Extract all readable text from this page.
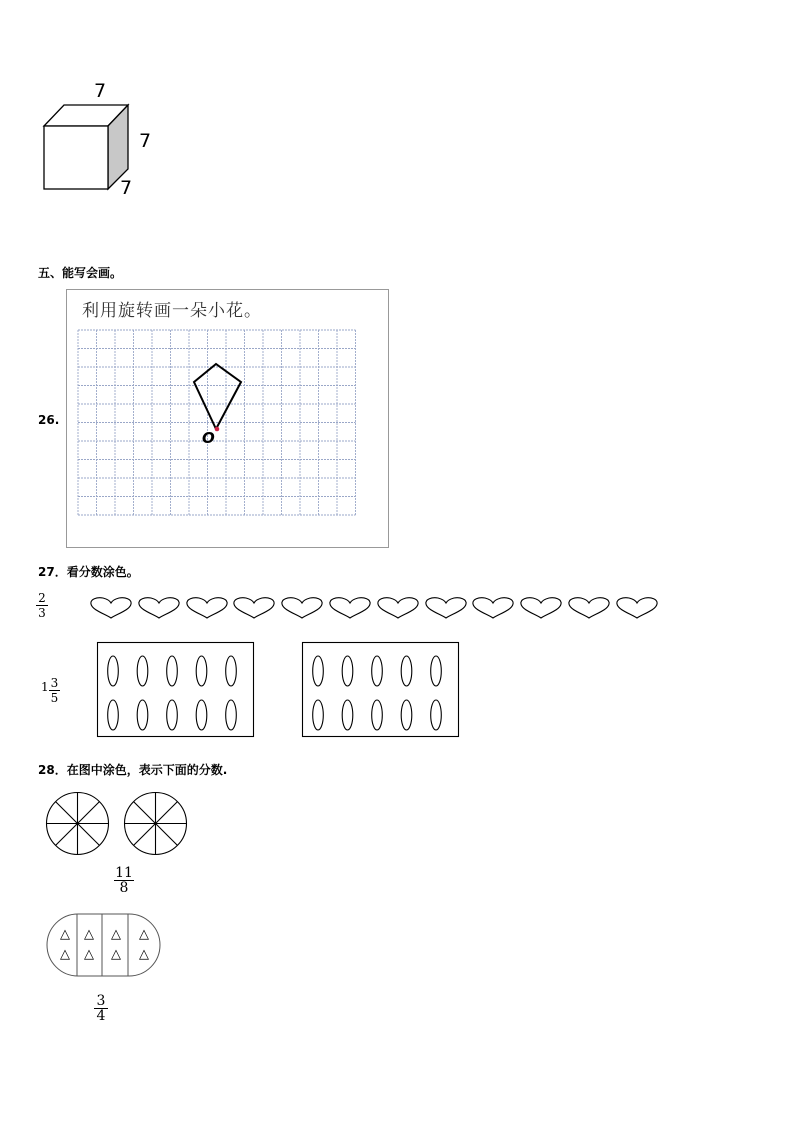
7
7
7
五、能写会画。
26.
利用旋转画一朵小花。
O
27．看分数涂色。
2
3
1 3
5
28．在图中涂色，表示下面的分数.
11
8
△
△
△
△
△
△
△
△
3
4
